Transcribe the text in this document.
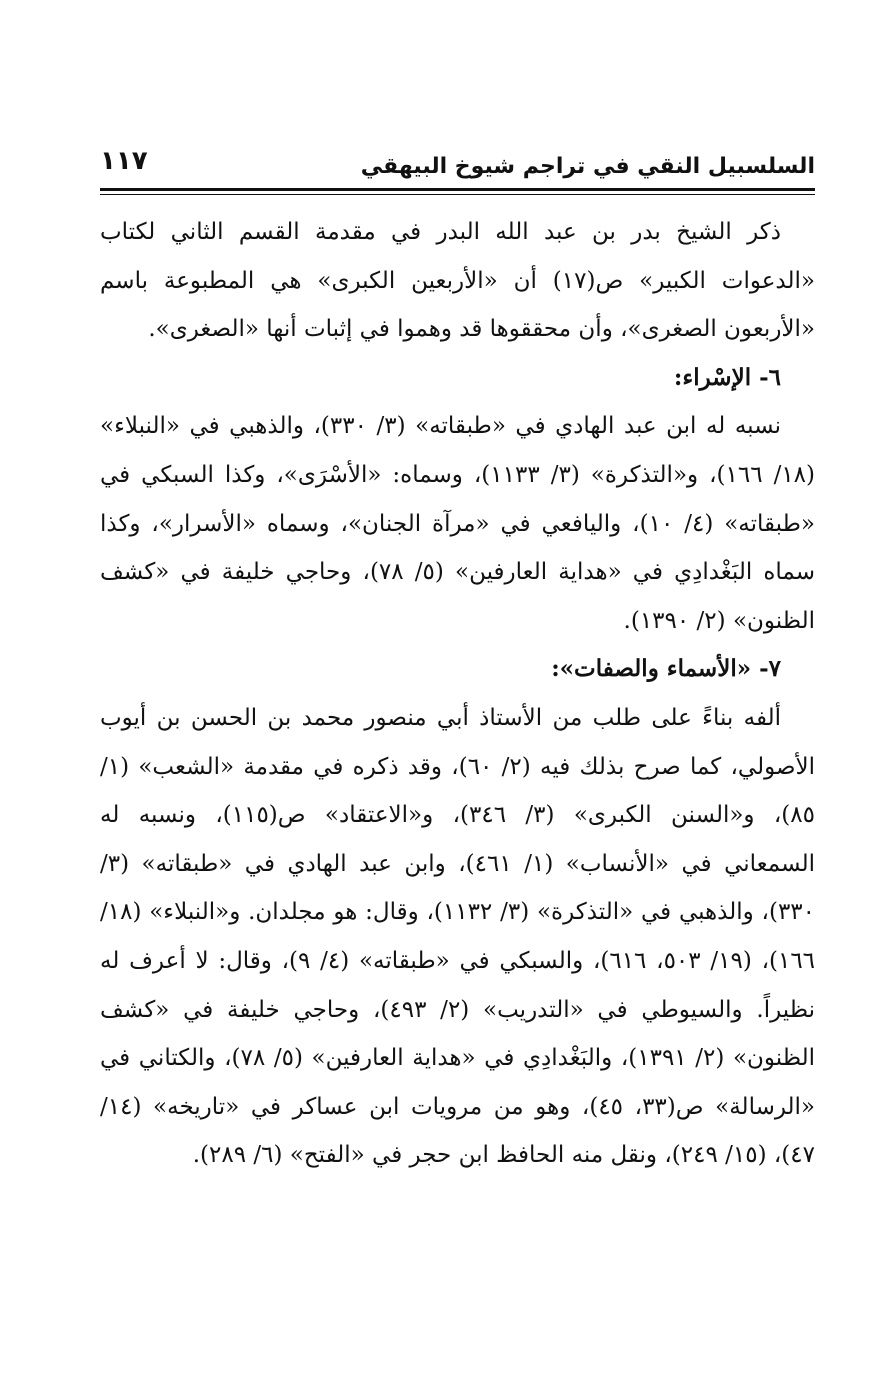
السلسبيل النقي في تراجم شيوخ البيهقي
١١٧

ذكر الشيخ بدر بن عبد الله البدر في مقدمة القسم الثاني لكتاب «الدعوات الكبير» ص(١٧) أن «الأربعين الكبرى» هي المطبوعة باسم «الأربعون الصغرى»، وأن محققوها قد وهموا في إثبات أنها «الصغرى».

٦- الإسْراء:

نسبه له ابن عبد الهادي في «طبقاته» (٣/ ٣٣٠)، والذهبي في «النبلاء» (١٨/ ١٦٦)، و«التذكرة» (٣/ ١١٣٣)، وسماه: «الأسْرَى»، وكذا السبكي في «طبقاته» (٤/ ١٠)، واليافعي في «مرآة الجنان»، وسماه «الأسرار»، وكذا سماه البَغْدادِي في «هداية العارفين» (٥/ ٧٨)، وحاجي خليفة في «كشف الظنون» (٢/ ١٣٩٠).

٧- «الأسماء والصفات»:

ألفه بناءً على طلب من الأستاذ أبي منصور محمد بن الحسن بن أيوب الأصولي، كما صرح بذلك فيه (٢/ ٦٠)، وقد ذكره في مقدمة «الشعب» (١/ ٨٥)، و«السنن الكبرى» (٣/ ٣٤٦)، و«الاعتقاد» ص(١١٥)، ونسبه له السمعاني في «الأنساب» (١/ ٤٦١)، وابن عبد الهادي في «طبقاته» (٣/ ٣٣٠)، والذهبي في «التذكرة» (٣/ ١١٣٢)، وقال: هو مجلدان. و«النبلاء» (١٨/ ١٦٦)، (١٩/ ٥٠٣، ٦١٦)، والسبكي في «طبقاته» (٤/ ٩)، وقال: لا أعرف له نظيراً. والسيوطي في «التدريب» (٢/ ٤٩٣)، وحاجي خليفة في «كشف الظنون» (٢/ ١٣٩١)، والبَغْدادِي في «هداية العارفين» (٥/ ٧٨)، والكتاني في «الرسالة» ص(٣٣، ٤٥)، وهو من مرويات ابن عساكر في «تاريخه» (١٤/ ٤٧)، (١٥/ ٢٤٩)، ونقل منه الحافظ ابن حجر في «الفتح» (٦/ ٢٨٩).
